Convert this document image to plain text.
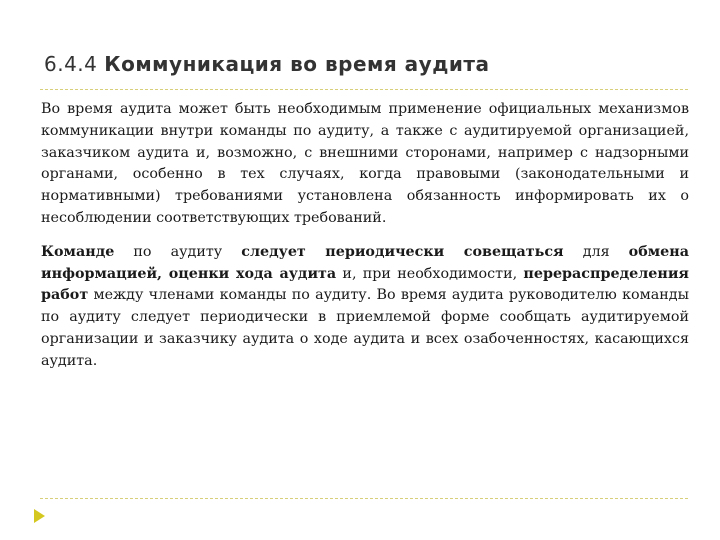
6.4.4 Коммуникация во время аудита

Во время аудита может быть необходимым применение официальных механизмов коммуникации внутри команды по аудиту, а также с аудитируемой организацией, заказчиком аудита и, возможно, с внешними сторонами, например с надзорными органами, особенно в тех случаях, когда правовыми (законодательными и нормативными) требованиями установлена обязанность информировать их о несоблюдении соответствующих требований.

Команде по аудиту следует периодически совещаться для обмена информацией, оценки хода аудита и, при необходимости, перераспределения работ между членами команды по аудиту. Во время аудита руководителю команды по аудиту следует периодически в приемлемой форме сообщать аудитируемой организации и заказчику аудита о ходе аудита и всех озабоченностях, касающихся аудита.
